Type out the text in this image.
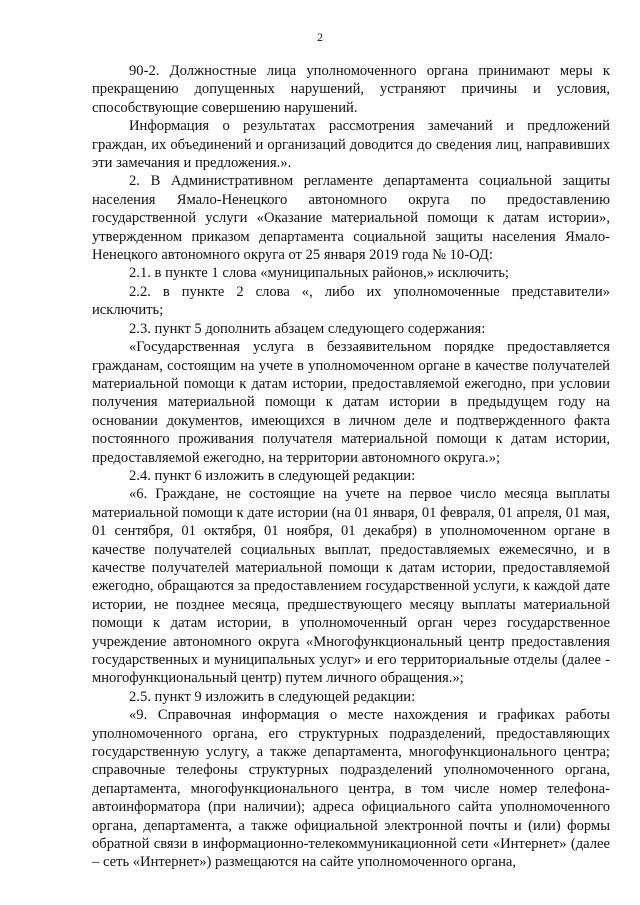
2

90-2. Должностные лица уполномоченного органа принимают меры к прекращению допущенных нарушений, устраняют причины и условия, способствующие совершению нарушений.

Информация о результатах рассмотрения замечаний и предложений граждан, их объединений и организаций доводится до сведения лиц, направивших эти замечания и предложения.».

2. В Административном регламенте департамента социальной защиты населения Ямало-Ненецкого автономного округа по предоставлению государственной услуги «Оказание материальной помощи к датам истории», утвержденном приказом департамента социальной защиты населения Ямало-Ненецкого автономного округа от 25 января 2019 года № 10-ОД:

2.1. в пункте 1 слова «муниципальных районов,» исключить;

2.2. в пункте 2 слова «, либо их уполномоченные представители» исключить;

2.3. пункт 5 дополнить абзацем следующего содержания:

«Государственная услуга в беззаявительном порядке предоставляется гражданам, состоящим на учете в уполномоченном органе в качестве получателей материальной помощи к датам истории, предоставляемой ежегодно, при условии получения материальной помощи к датам истории в предыдущем году на основании документов, имеющихся в личном деле и подтвержденного факта постоянного проживания получателя материальной помощи к датам истории, предоставляемой ежегодно, на территории автономного округа.»;

2.4. пункт 6 изложить в следующей редакции:

«6. Граждане, не состоящие на учете на первое число месяца выплаты материальной помощи к дате истории (на 01 января, 01 февраля, 01 апреля, 01 мая, 01 сентября, 01 октября, 01 ноября, 01 декабря) в уполномоченном органе в качестве получателей социальных выплат, предоставляемых ежемесячно, и в качестве получателей материальной помощи к датам истории, предоставляемой ежегодно, обращаются за предоставлением государственной услуги, к каждой дате истории, не позднее месяца, предшествующего месяцу выплаты материальной помощи к датам истории, в уполномоченный орган через государственное учреждение автономного округа «Многофункциональный центр предоставления государственных и муниципальных услуг» и его территориальные отделы (далее - многофункциональный центр) путем личного обращения.»;

2.5. пункт 9 изложить в следующей редакции:

«9. Справочная информация о месте нахождения и графиках работы уполномоченного органа, его структурных подразделений, предоставляющих государственную услугу, а также департамента, многофункционального центра; справочные телефоны структурных подразделений уполномоченного органа, департамента, многофункционального центра, в том числе номер телефона-автоинформатора (при наличии); адреса официального сайта уполномоченного органа, департамента, а также официальной электронной почты и (или) формы обратной связи в информационно-телекоммуникационной сети «Интернет» (далее – сеть «Интернет») размещаются на сайте уполномоченного органа,
